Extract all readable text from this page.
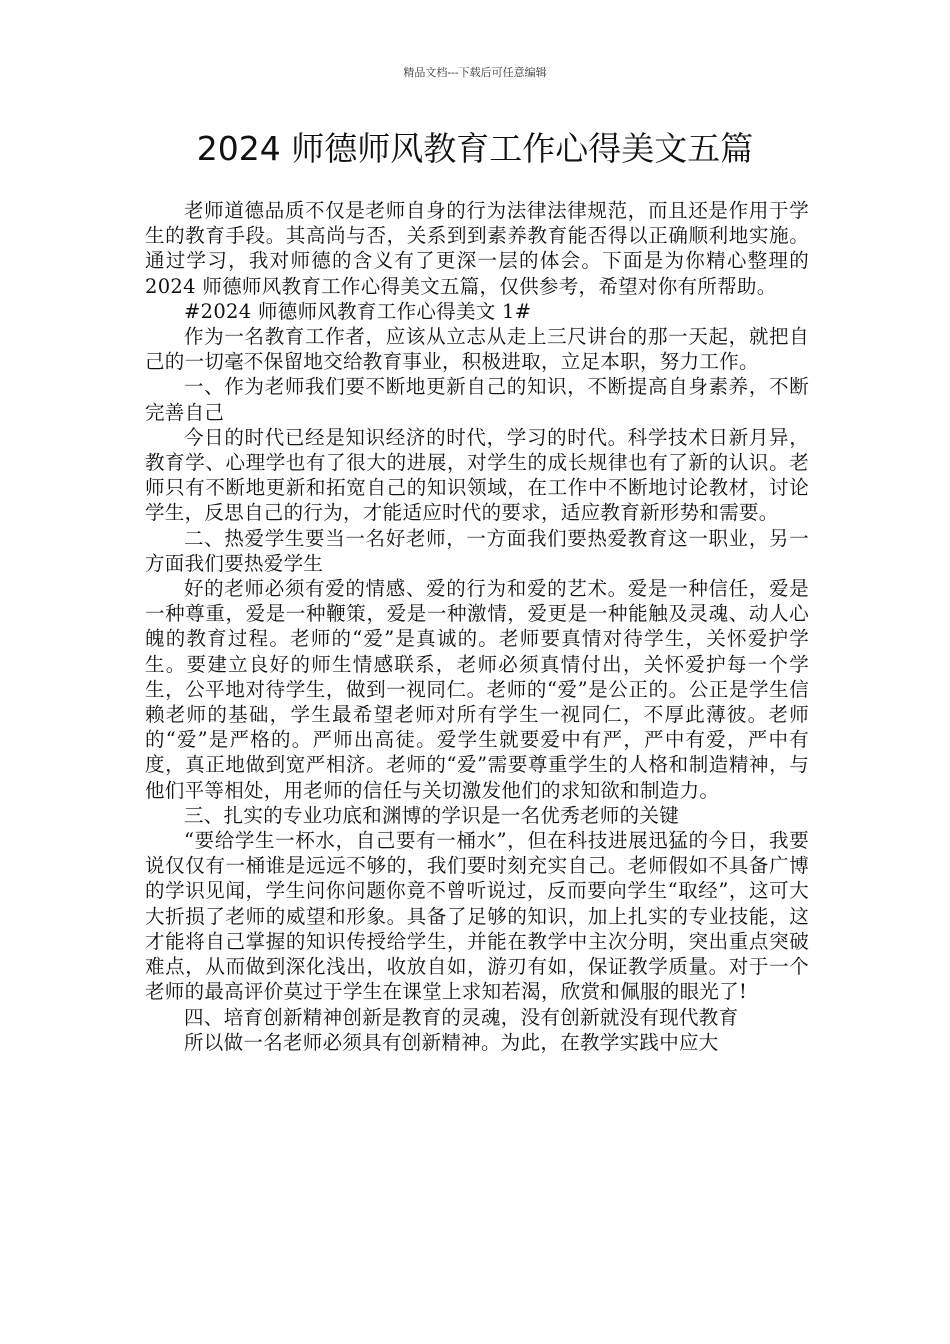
精品文档---下载后可任意编辑
2024 师德师风教育工作心得美文五篇

老师道德品质不仅是老师自身的行为法律法律规范，而且还是作用于学生的教育手段。其高尚与否，关系到到素养教育能否得以正确顺利地实施。通过学习，我对师德的含义有了更深一层的体会。下面是为你精心整理的 2024 师德师风教育工作心得美文五篇，仅供参考，希望对你有所帮助。

#2024 师德师风教育工作心得美文 1#

作为一名教育工作者，应该从立志从走上三尺讲台的那一天起，就把自己的一切毫不保留地交给教育事业，积极进取，立足本职，努力工作。

一、作为老师我们要不断地更新自己的知识，不断提高自身素养，不断完善自己

今日的时代已经是知识经济的时代，学习的时代。科学技术日新月异，教育学、心理学也有了很大的进展，对学生的成长规律也有了新的认识。老师只有不断地更新和拓宽自己的知识领域，在工作中不断地讨论教材，讨论学生，反思自己的行为，才能适应时代的要求，适应教育新形势和需要。

二、热爱学生要当一名好老师，一方面我们要热爱教育这一职业，另一方面我们要热爱学生

好的老师必须有爱的情感、爱的行为和爱的艺术。爱是一种信任，爱是一种尊重，爱是一种鞭策，爱是一种激情，爱更是一种能触及灵魂、动人心魄的教育过程。老师的“爱”是真诚的。老师要真情对待学生，关怀爱护学生。要建立良好的师生情感联系，老师必须真情付出，关怀爱护每一个学生，公平地对待学生，做到一视同仁。老师的“爱”是公正的。公正是学生信赖老师的基础，学生最希望老师对所有学生一视同仁，不厚此薄彼。老师的“爱”是严格的。严师出高徒。爱学生就要爱中有严，严中有爱，严中有度，真正地做到宽严相济。老师的“爱”需要尊重学生的人格和制造精神，与他们平等相处，用老师的信任与关切激发他们的求知欲和制造力。

三、扎实的专业功底和渊博的学识是一名优秀老师的关键

“要给学生一杯水，自己要有一桶水”，但在科技进展迅猛的今日，我要说仅仅有一桶谁是远远不够的，我们要时刻充实自己。老师假如不具备广博的学识见闻，学生问你问题你竟不曾听说过，反而要向学生“取经”，这可大大折损了老师的威望和形象。具备了足够的知识，加上扎实的专业技能，这才能将自己掌握的知识传授给学生，并能在教学中主次分明，突出重点突破难点，从而做到深化浅出，收放自如，游刃有如，保证教学质量。对于一个老师的最高评价莫过于学生在课堂上求知若渴，欣赏和佩服的眼光了!

四、培育创新精神创新是教育的灵魂，没有创新就没有现代教育

所以做一名老师必须具有创新精神。为此，在教学实践中应大
